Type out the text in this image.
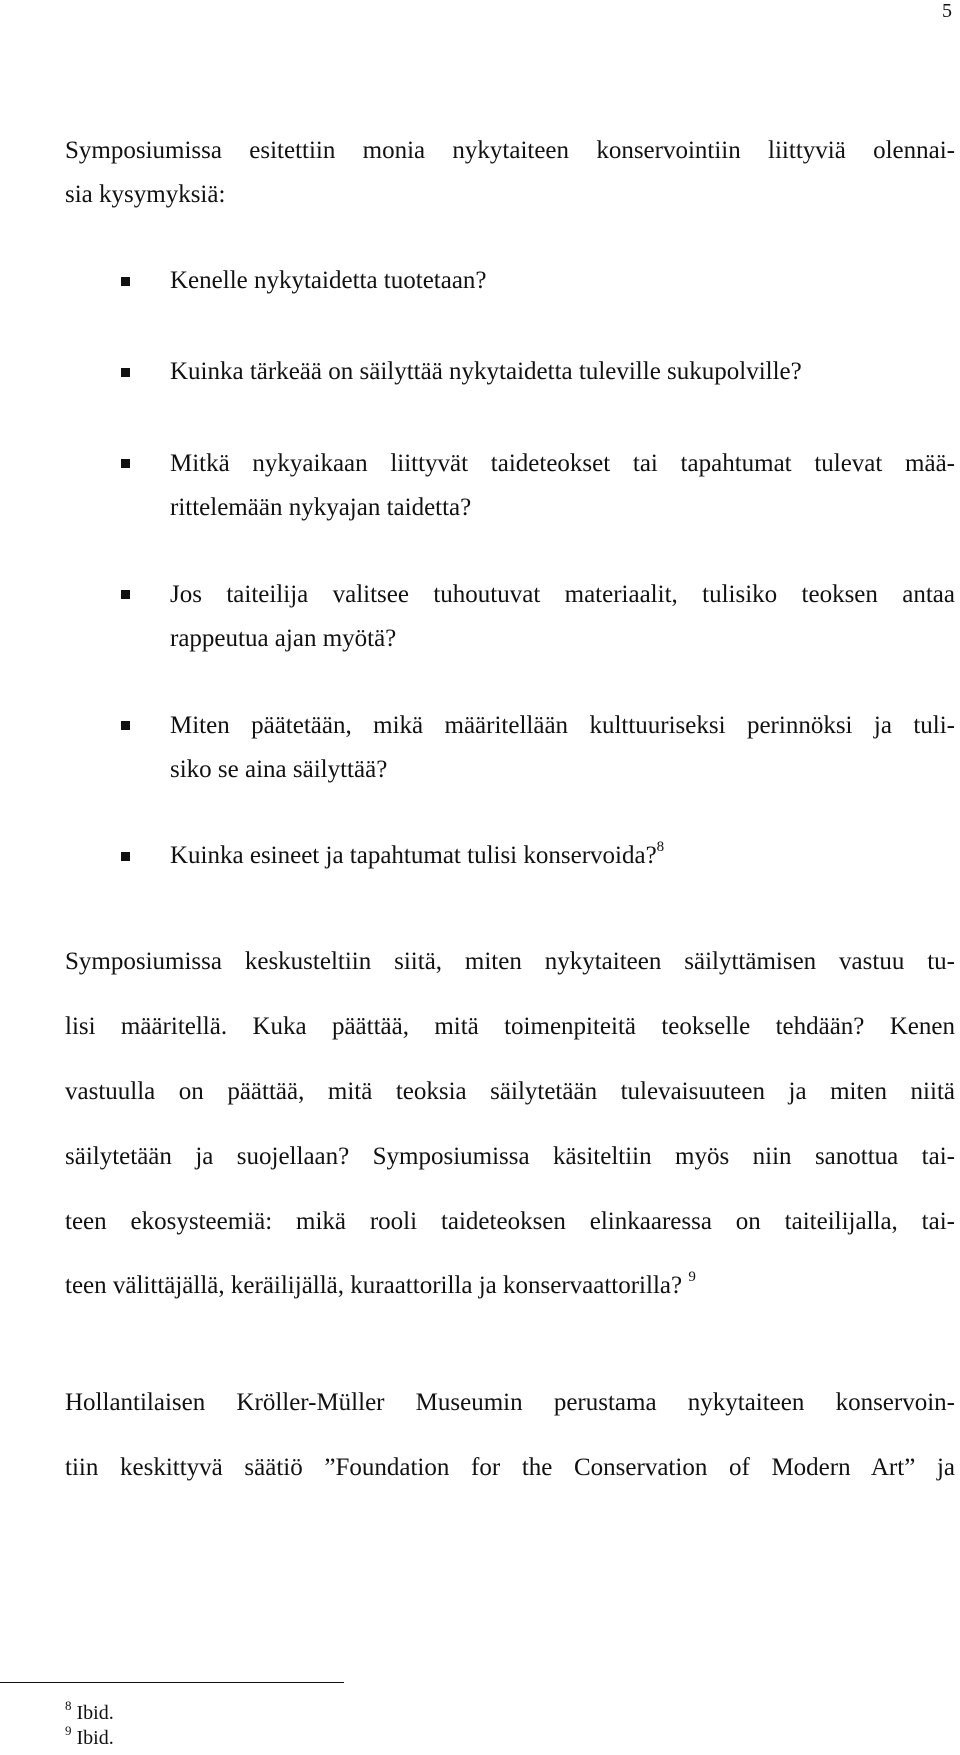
5
Symposiumissa esitettiin monia nykytaiteen konservointiin liittyviä olennai-
sia kysymyksiä:
Kenelle nykytaidetta tuotetaan?
Kuinka tärkeää on säilyttää nykytaidetta tuleville sukupolville?
Mitkä nykyaikaan liittyvät taideteokset tai tapahtumat tulevat mää-
rittelemään nykyajan taidetta?
Jos taiteilija valitsee tuhoutuvat materiaalit, tulisiko teoksen antaa
rappeutua ajan myötä?
Miten päätetään, mikä määritellään kulttuuriseksi perinnöksi ja tuli-
siko se aina säilyttää?
Kuinka esineet ja tapahtumat tulisi konservoida?$^8$
Symposiumissa keskusteltiin siitä, miten nykytaiteen säilyttämisen vastuu tu-
lisi määritellä. Kuka päättää, mitä toimenpiteitä teokselle tehdään? Kenen
vastuulla on päättää, mitä teoksia säilytetään tulevaisuuteen ja miten niitä
säilytetään ja suojellaan? Symposiumissa käsiteltiin myös niin sanottua tai-
teen ekosysteemiä: mikä rooli taideteoksen elinkaaressa on taiteilijalla, tai-
teen välittäjällä, keräilijällä, kuraattorilla ja konservaattorilla? $^9$
Hollantilaisen Kröller-Müller Museumin perustama nykytaiteen konservoin-
tiin keskittyvä säätiö ”Foundation for the Conservation of Modern Art” ja
$^8$ Ibid.
$^9$ Ibid.
